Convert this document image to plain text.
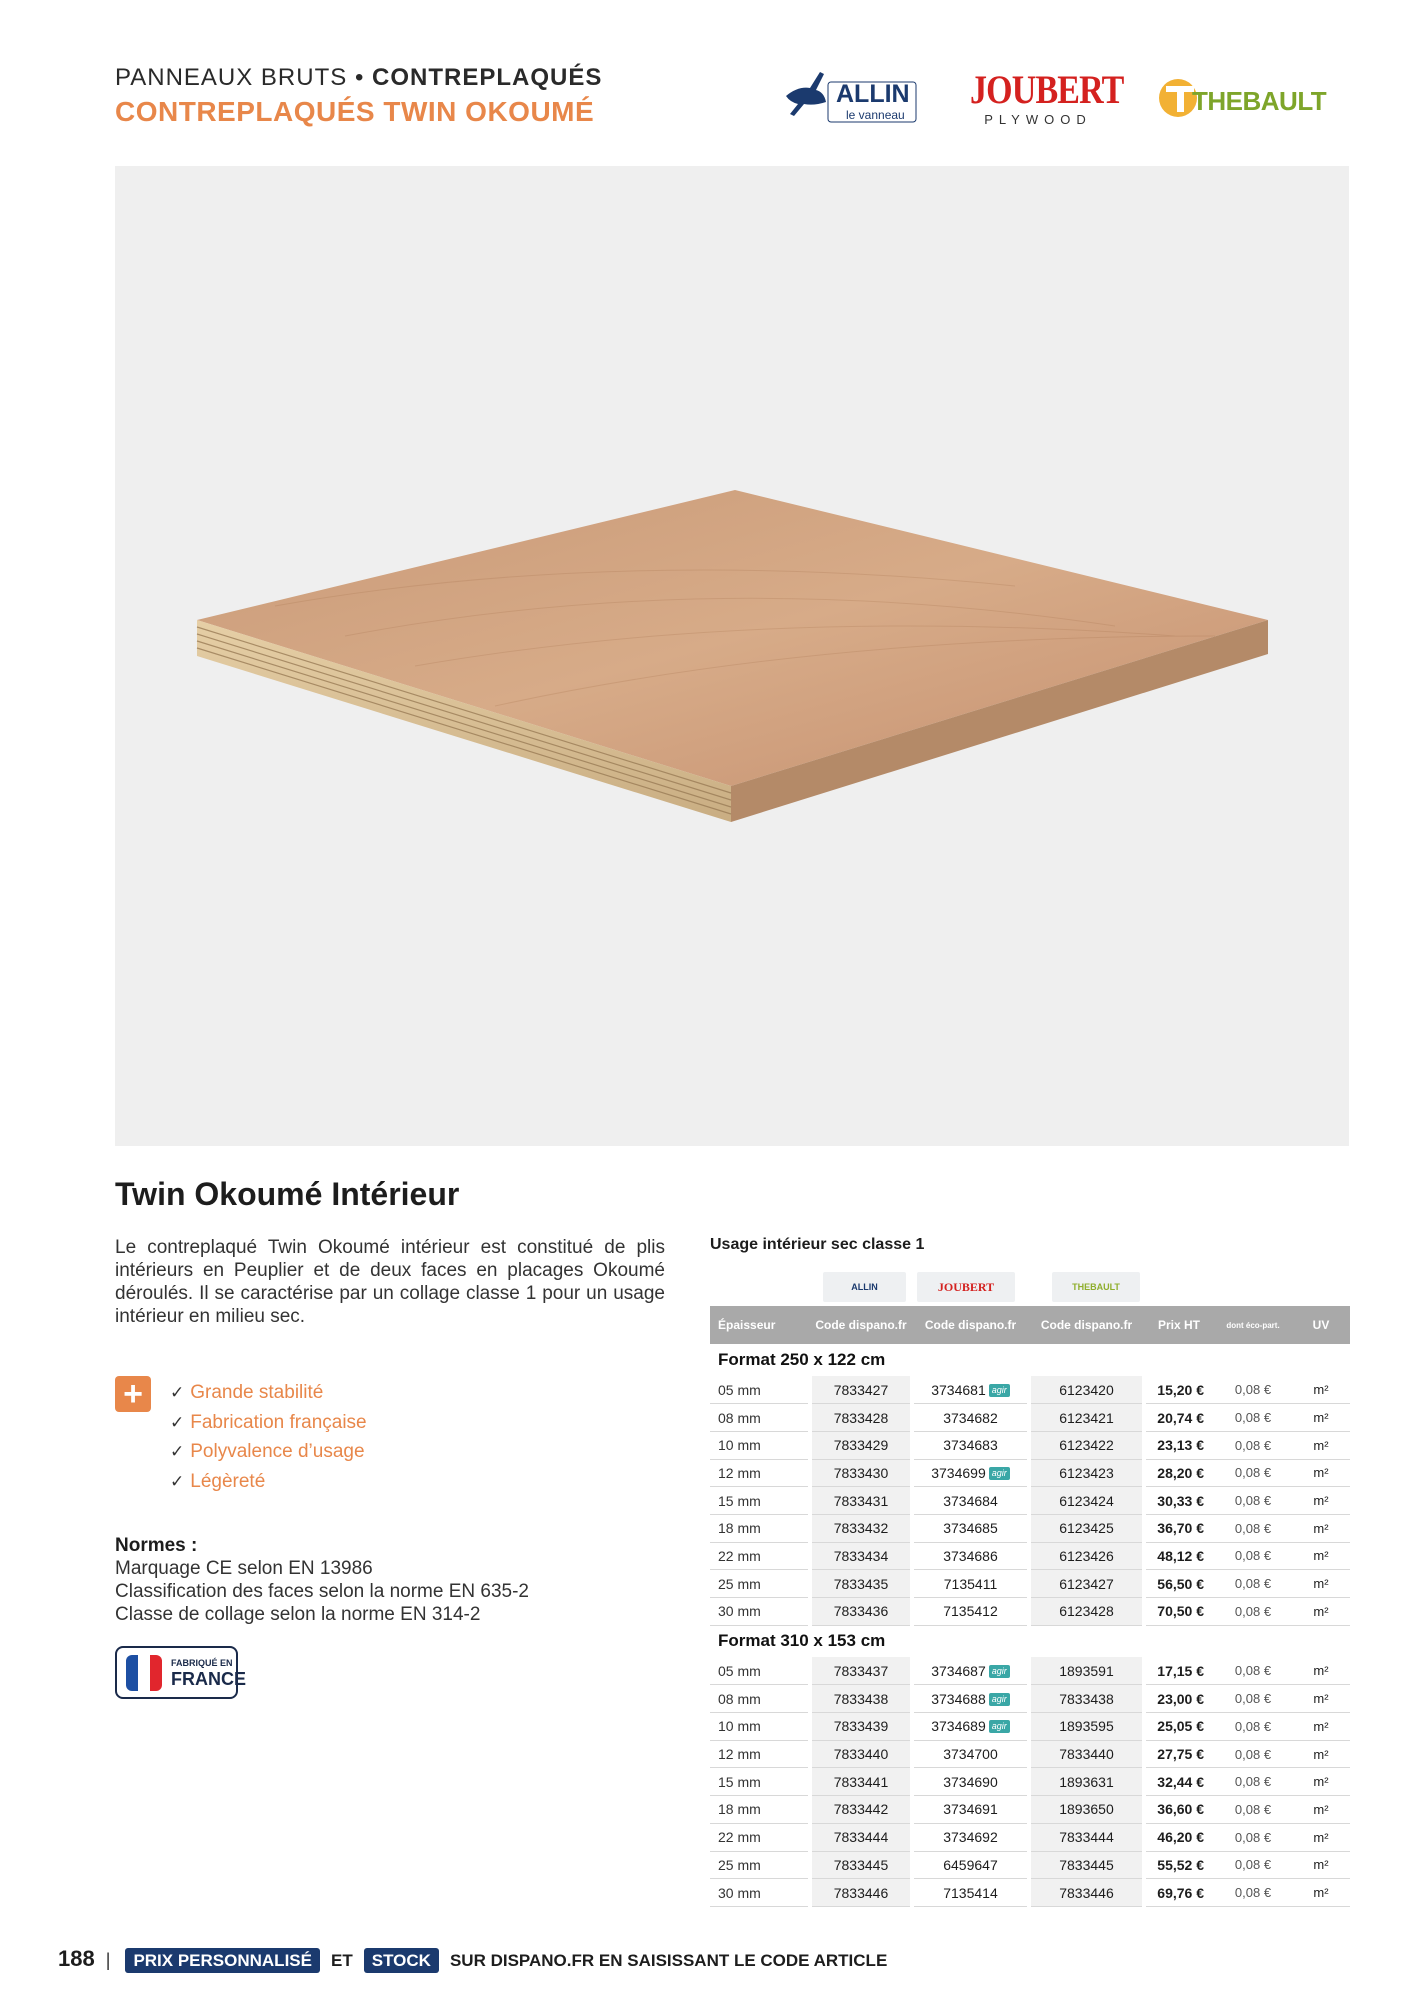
PANNEAUX BRUTS • CONTREPLAQUÉS
CONTREPLAQUÉS TWIN OKOUMÉ
ALLIN
le vanneau
JOUBERT
PLYWOOD
THEBAULT
Twin Okoumé Intérieur
Le contreplaqué Twin Okoumé intérieur est constitué de plis intérieurs en Peuplier et de deux faces en placages Okoumé déroulés. Il se caractérise par un collage classe 1 pour un usage intérieur en milieu sec.
+	✓ Grande stabilité
✓ Fabrication française
✓ Polyvalence d’usage
✓ Légèreté
Normes :
Marquage CE selon EN 13986
Classification des faces selon la norme EN 635-2
Classe de collage selon la norme EN 314-2
FABRIQUÉ EN
FRANCE
Usage intérieur sec classe 1
ALLIN	JOUBERT	THEBAULT
Épaisseur	Code dispano.fr	Code dispano.fr	Code dispano.fr	Prix HT	dont éco-part.	UV
Format 250 x 122 cm						
05 mm	7833427	3734681 agir	6123420	15,20 €	0,08 €	m²
08 mm	7833428	3734682	6123421	20,74 €	0,08 €	m²
10 mm	7833429	3734683	6123422	23,13 €	0,08 €	m²
12 mm	7833430	3734699 agir	6123423	28,20 €	0,08 €	m²
15 mm	7833431	3734684	6123424	30,33 €	0,08 €	m²
18 mm	7833432	3734685	6123425	36,70 €	0,08 €	m²
22 mm	7833434	3734686	6123426	48,12 €	0,08 €	m²
25 mm	7833435	7135411	6123427	56,50 €	0,08 €	m²
30 mm	7833436	7135412	6123428	70,50 €	0,08 €	m²
Format 310 x 153 cm						
05 mm	7833437	3734687 agir	1893591	17,15 €	0,08 €	m²
08 mm	7833438	3734688 agir	7833438	23,00 €	0,08 €	m²
10 mm	7833439	3734689 agir	1893595	25,05 €	0,08 €	m²
12 mm	7833440	3734700	7833440	27,75 €	0,08 €	m²
15 mm	7833441	3734690	1893631	32,44 €	0,08 €	m²
18 mm	7833442	3734691	1893650	36,60 €	0,08 €	m²
22 mm	7833444	3734692	7833444	46,20 €	0,08 €	m²
25 mm	7833445	6459647	7833445	55,52 €	0,08 €	m²
30 mm	7833446	7135414	7833446	69,76 €	0,08 €	m²
188 | PRIX PERSONNALISÉ ET STOCK SUR DISPANO.FR EN SAISISSANT LE CODE ARTICLE
